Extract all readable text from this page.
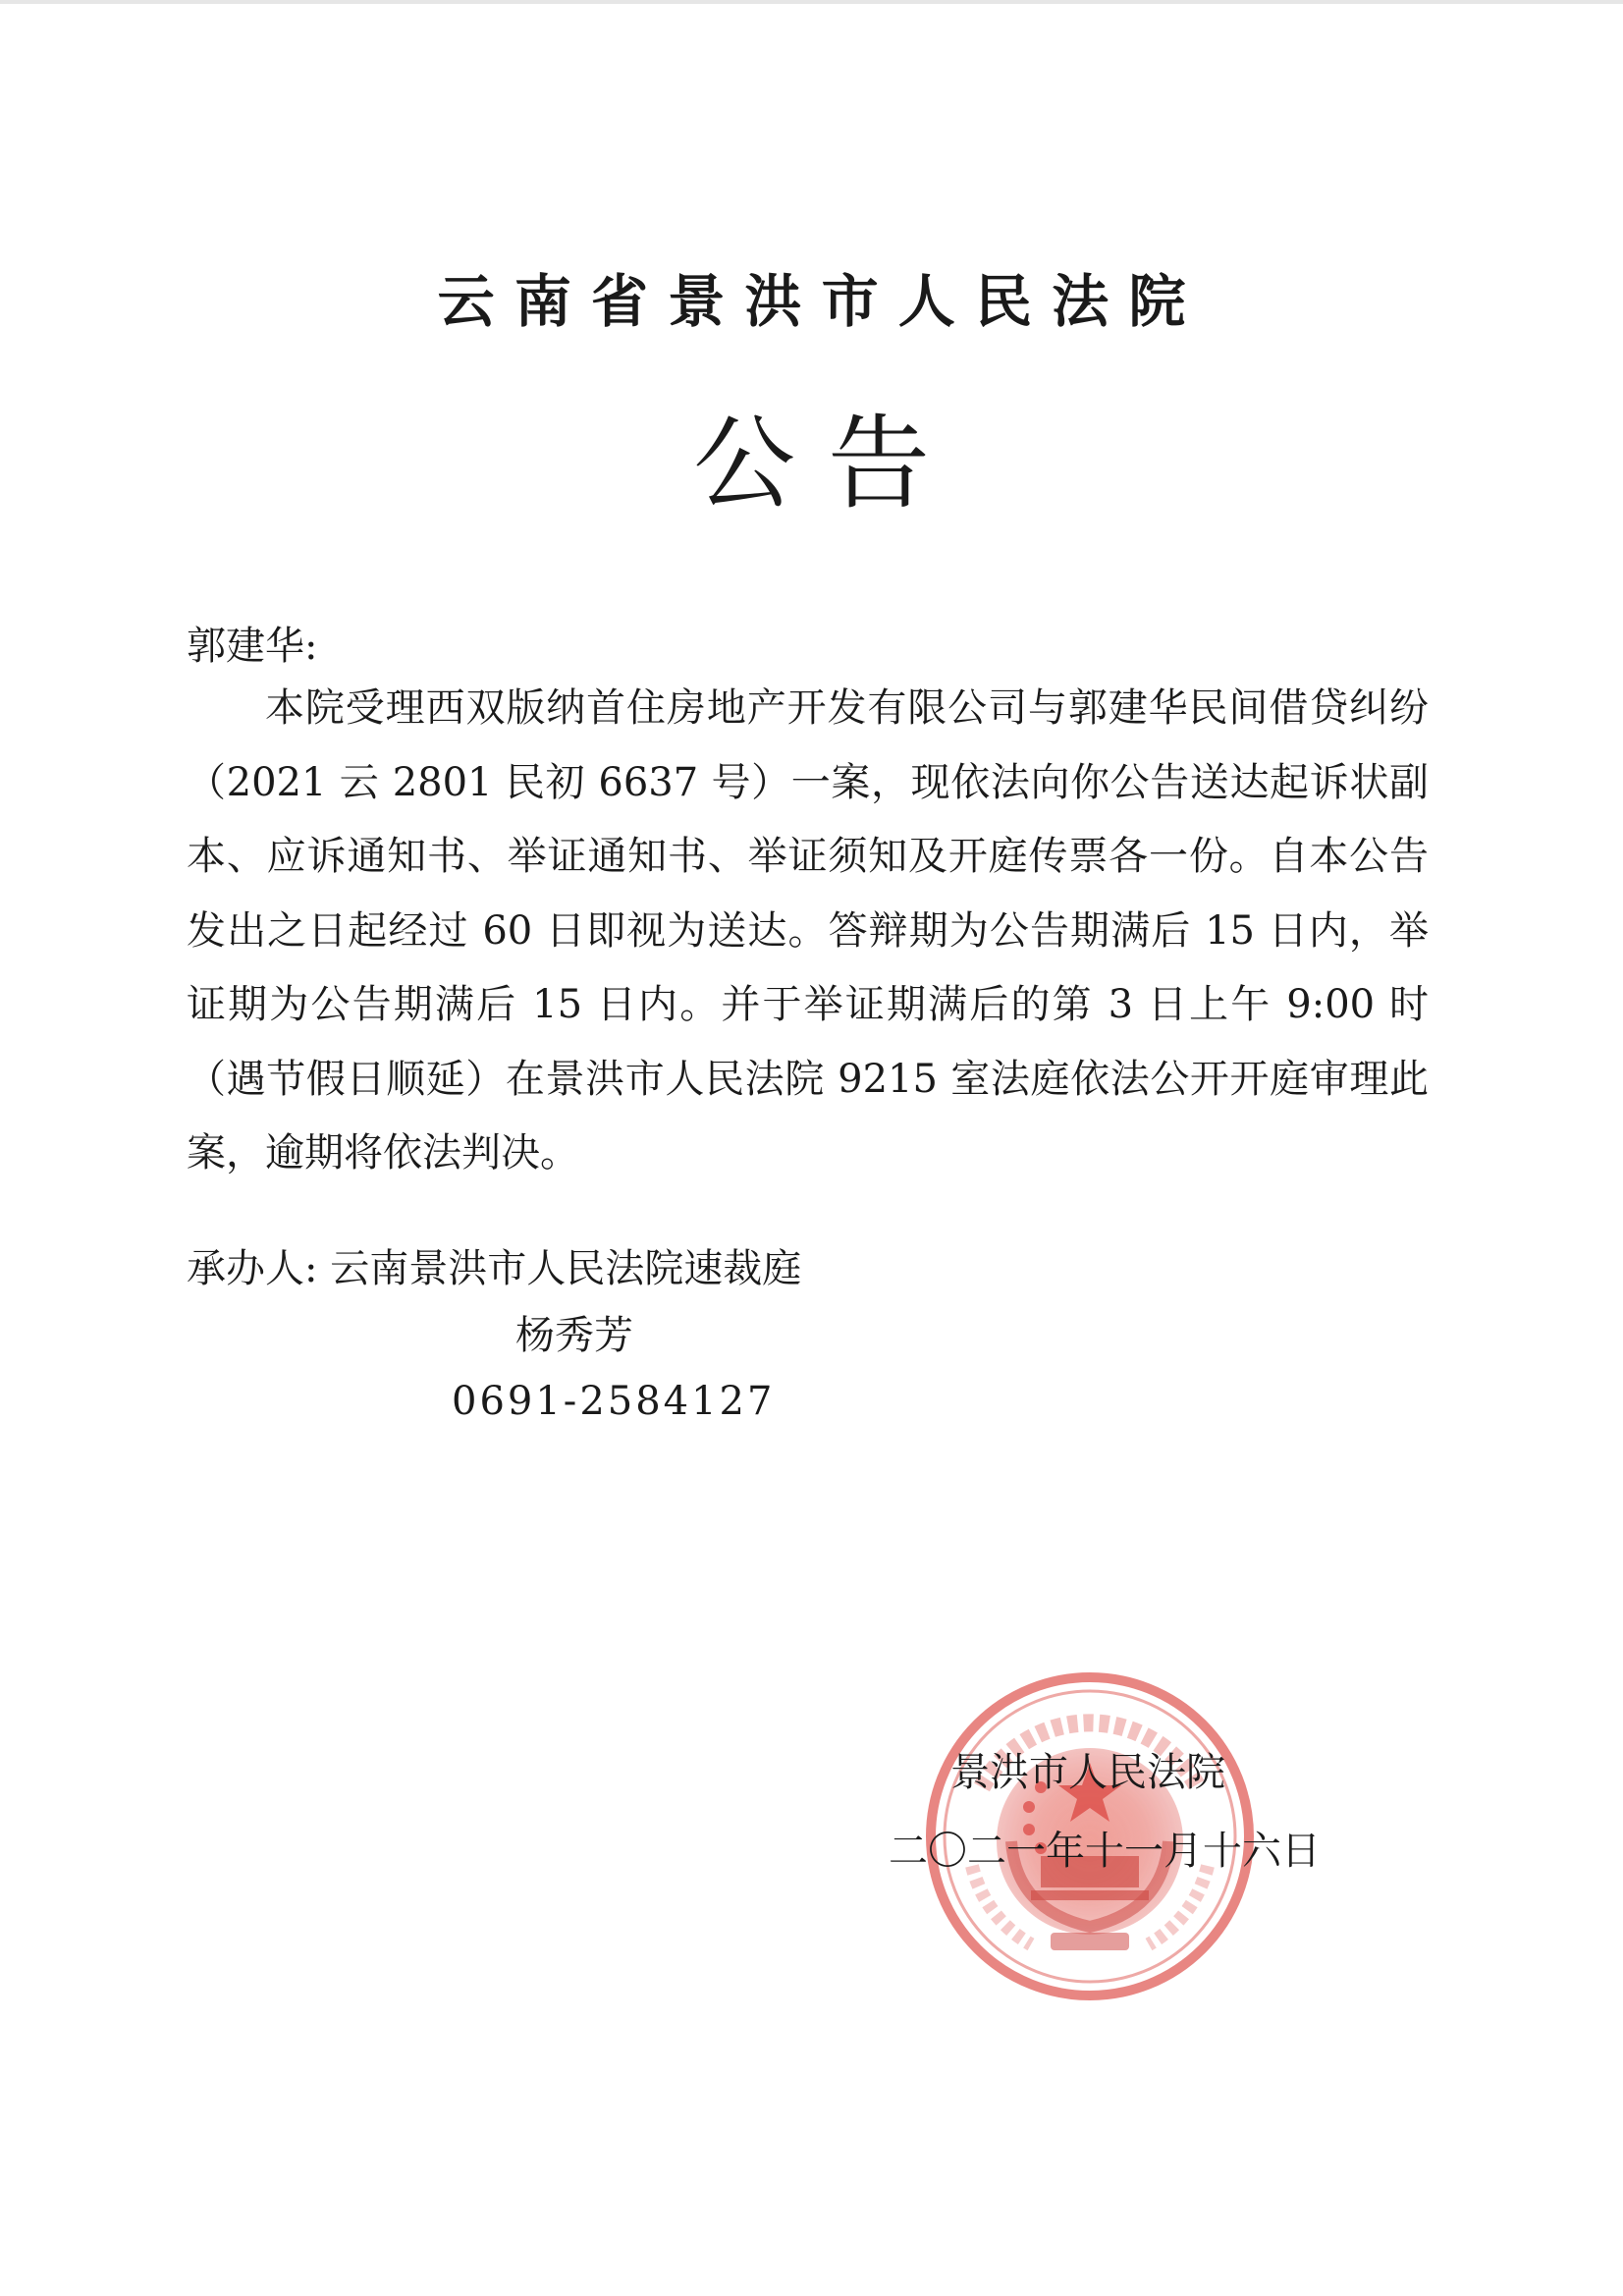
云 南 省 景 洪 市 人 民 法 院
公 告
郭建华:

本院受理西双版纳首住房地产开发有限公司与郭建华民间借贷纠纷（2021 云 2801 民初 6637 号）一案，现依法向你公告送达起诉状副本、应诉通知书、举证通知书、举证须知及开庭传票各一份。自本公告发出之日起经过 60 日即视为送达。答辩期为公告期满后 15 日内，举证期为公告期满后 15 日内。并于举证期满后的第 3 日上午 9:00 时（遇节假日顺延）在景洪市人民法院 9215 室法庭依法公开开庭审理此案，逾期将依法判决。

承办人: 云南景洪市人民法院速裁庭
杨秀芳
0691-2584127
景洪市人民法院
二〇二一年十一月十六日
